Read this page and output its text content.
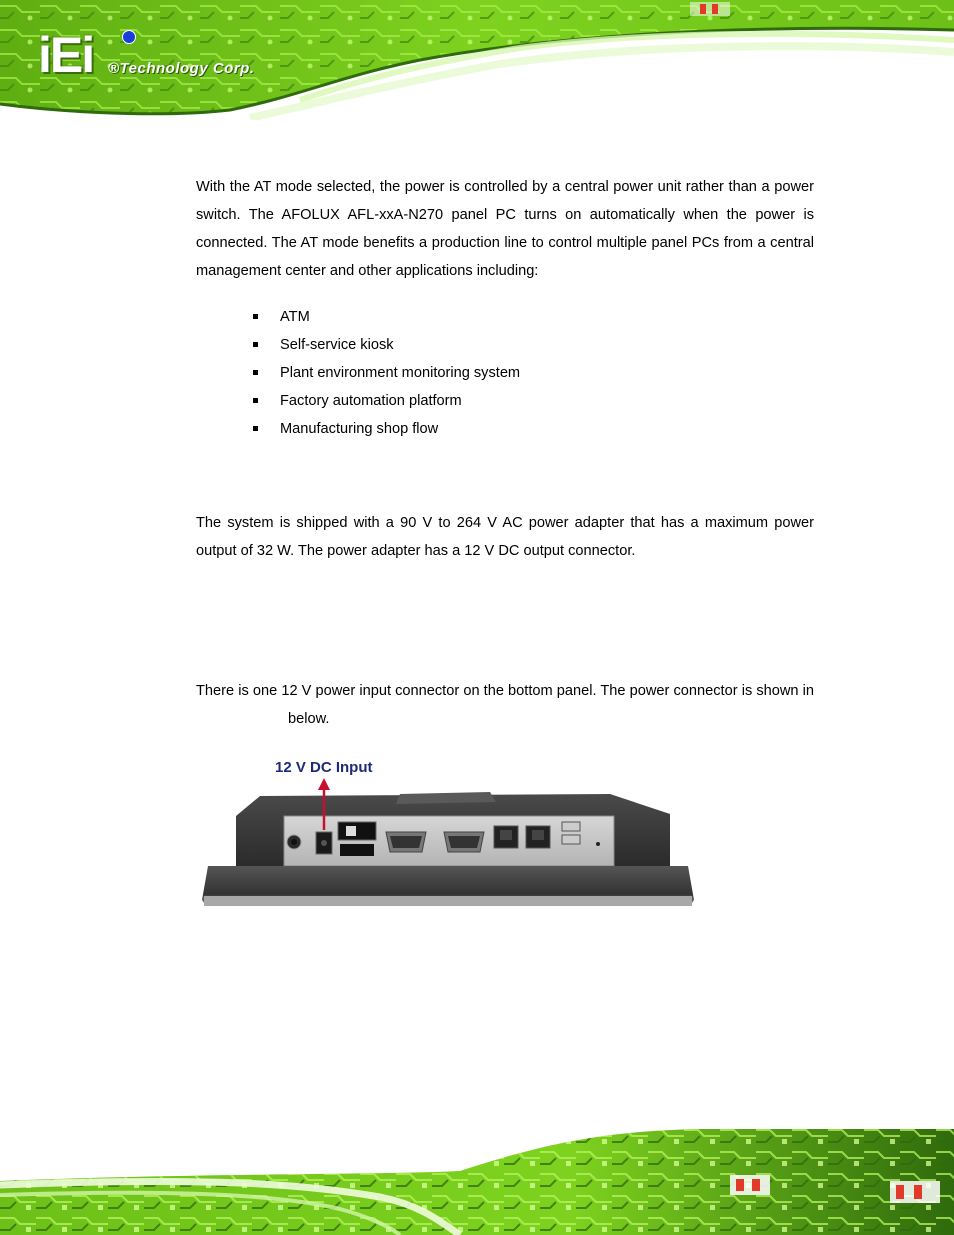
iEi ®Technology Corp.

With the AT mode selected, the power is controlled by a central power unit rather than a power switch. The AFOLUX AFL-xxA-N270 panel PC turns on automatically when the power is connected. The AT mode benefits a production line to control multiple panel PCs from a central management center and other applications including:

ATM
Self-service kiosk
Plant environment monitoring system
Factory automation platform
Manufacturing shop flow

The system is shipped with a 90 V to 264 V AC power adapter that has a maximum power output of 32 W. The power adapter has a 12 V DC output connector.

There is one 12 V power input connector on the bottom panel. The power connector is shown in below.

12 V DC Input
